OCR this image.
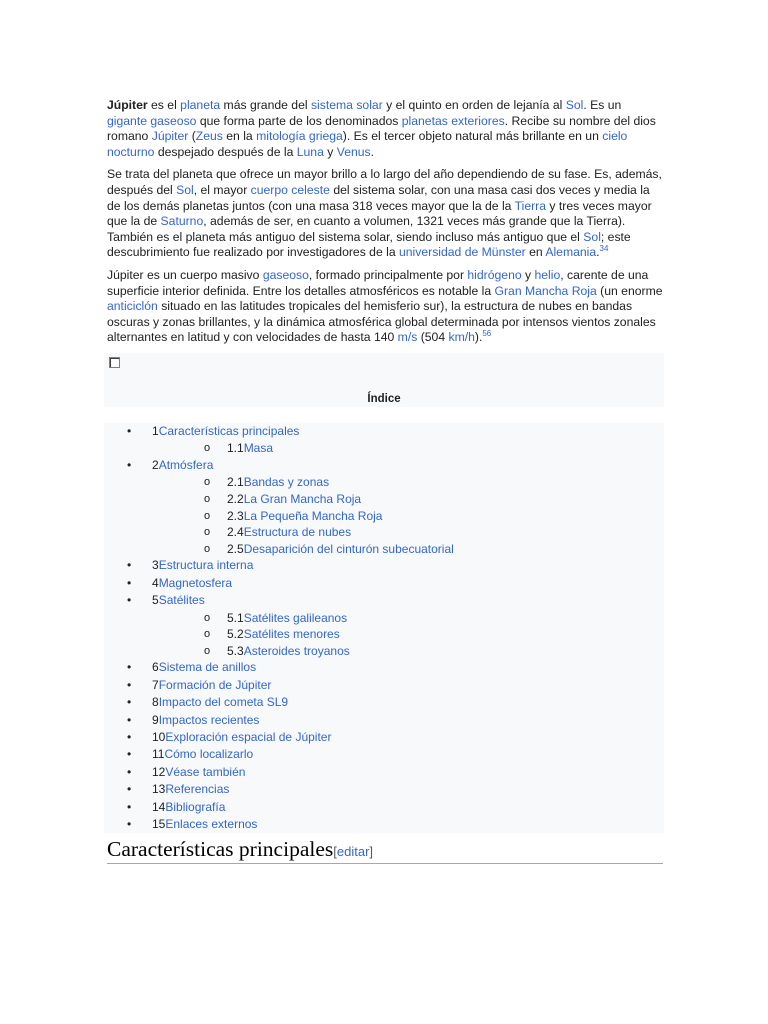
Júpiter es el planeta más grande del sistema solar y el quinto en orden de lejanía al Sol. Es un gigante gaseoso que forma parte de los denominados planetas exteriores. Recibe su nombre del dios romano Júpiter (Zeus en la mitología griega). Es el tercer objeto natural más brillante en un cielo nocturno despejado después de la Luna y Venus.

Se trata del planeta que ofrece un mayor brillo a lo largo del año dependiendo de su fase. Es, además, después del Sol, el mayor cuerpo celeste del sistema solar, con una masa casi dos veces y media la de los demás planetas juntos (con una masa 318 veces mayor que la de la Tierra y tres veces mayor que la de Saturno, además de ser, en cuanto a volumen, 1321 veces más grande que la Tierra). También es el planeta más antiguo del sistema solar, siendo incluso más antiguo que el Sol; este descubrimiento fue realizado por investigadores de la universidad de Münster en Alemania.$^{34}$

Júpiter es un cuerpo masivo gaseoso, formado principalmente por hidrógeno y helio, carente de una superficie interior definida. Entre los detalles atmosféricos es notable la Gran Mancha Roja (un enorme anticiclón situado en las latitudes tropicales del hemisferio sur), la estructura de nubes en bandas oscuras y zonas brillantes, y la dinámica atmosférica global determinada por intensos vientos zonales alternantes en latitud y con velocidades de hasta 140 m/s (504 km/h).$^{56}$

Índice
• 1Características principales
o 1.1Masa
• 2Atmósfera
o 2.1Bandas y zonas
o 2.2La Gran Mancha Roja
o 2.3La Pequeña Mancha Roja
o 2.4Estructura de nubes
o 2.5Desaparición del cinturón subecuatorial
• 3Estructura interna
• 4Magnetosfera
• 5Satélites
o 5.1Satélites galileanos
o 5.2Satélites menores
o 5.3Asteroides troyanos
• 6Sistema de anillos
• 7Formación de Júpiter
• 8Impacto del cometa SL9
• 9Impactos recientes
• 10Exploración espacial de Júpiter
• 11Cómo localizarlo
• 12Véase también
• 13Referencias
• 14Bibliografía
• 15Enlaces externos
Características principales[editar]
